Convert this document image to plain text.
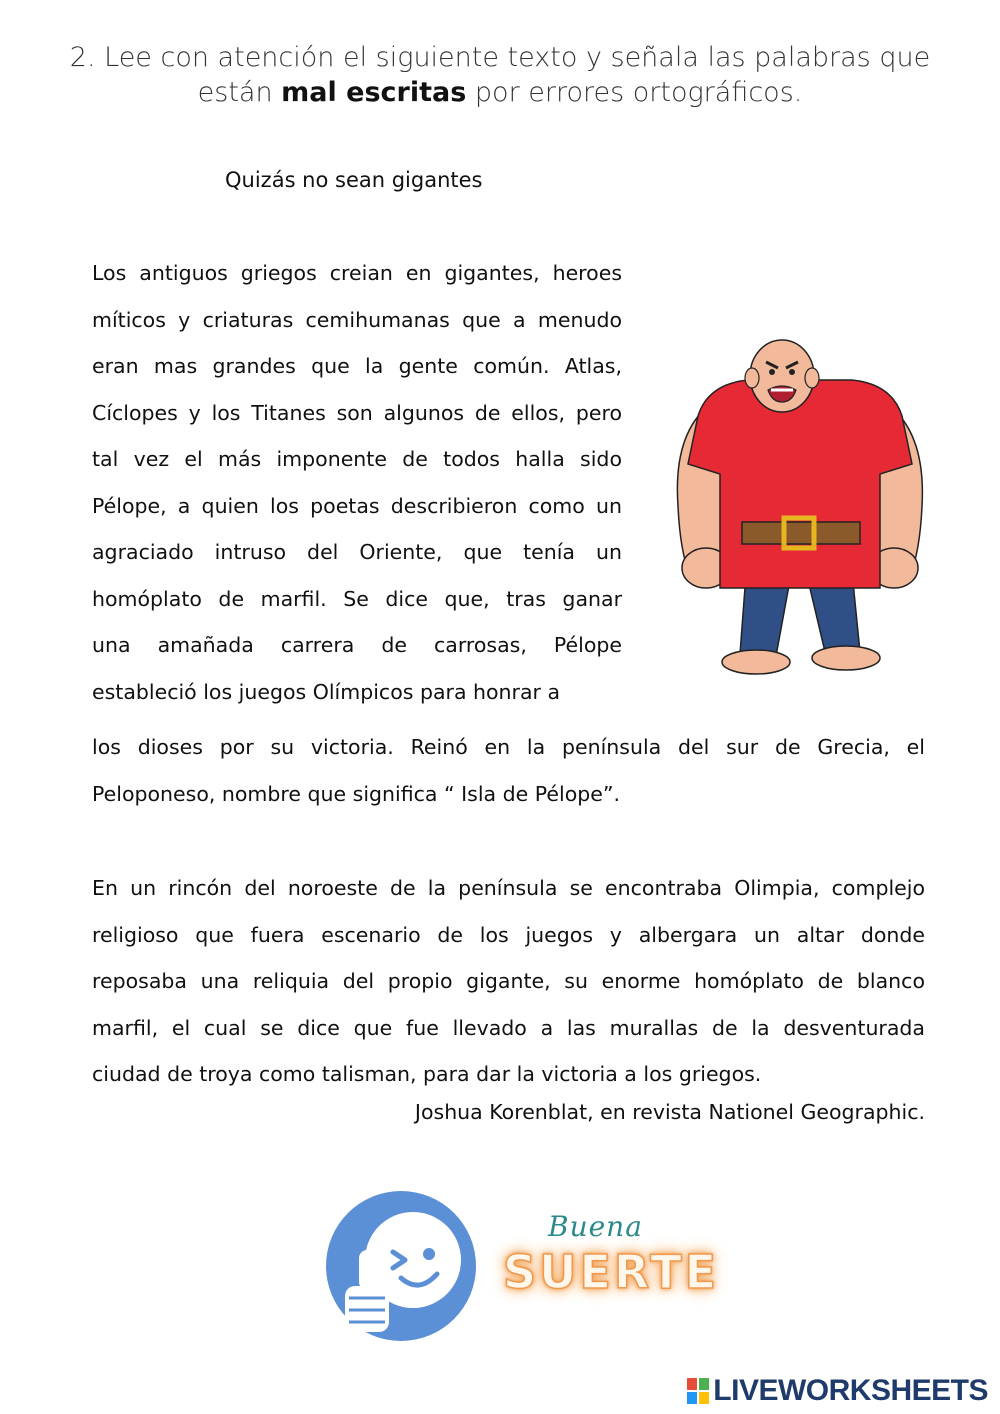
2. Lee con atención el siguiente texto y señala las palabras que están mal escritas por errores ortográficos.
Quizás no sean gigantes
Los antiguos griegos creian en gigantes, heroes
míticos y criaturas cemihumanas que a menudo
eran mas grandes que la gente común. Atlas,
Cíclopes y los Titanes son algunos de ellos, pero
tal vez el más imponente de todos halla sido
Pélope, a quien los poetas describieron como un
agraciado intruso del Oriente, que tenía un
homóplato de marfil. Se dice que, tras ganar
una amañada carrera de carrosas, Pélope
estableció los juegos Olímpicos para honrar a
los dioses por su victoria. Reinó en la península del sur de Grecia, el
Peloponeso, nombre que significa “ Isla de Pélope”.
En un rincón del noroeste de la península se encontraba Olimpia, complejo
religioso que fuera escenario de los juegos y albergara un altar donde
reposaba una reliquia del propio gigante, su enorme homóplato de blanco
marfil, el cual se dice que fue llevado a las murallas de la desventurada
ciudad de troya como talisman, para dar la victoria a los griegos.
Joshua Korenblat, en revista Nationel Geographic.
Buena
SUERTE
LIVEWORKSHEETS
